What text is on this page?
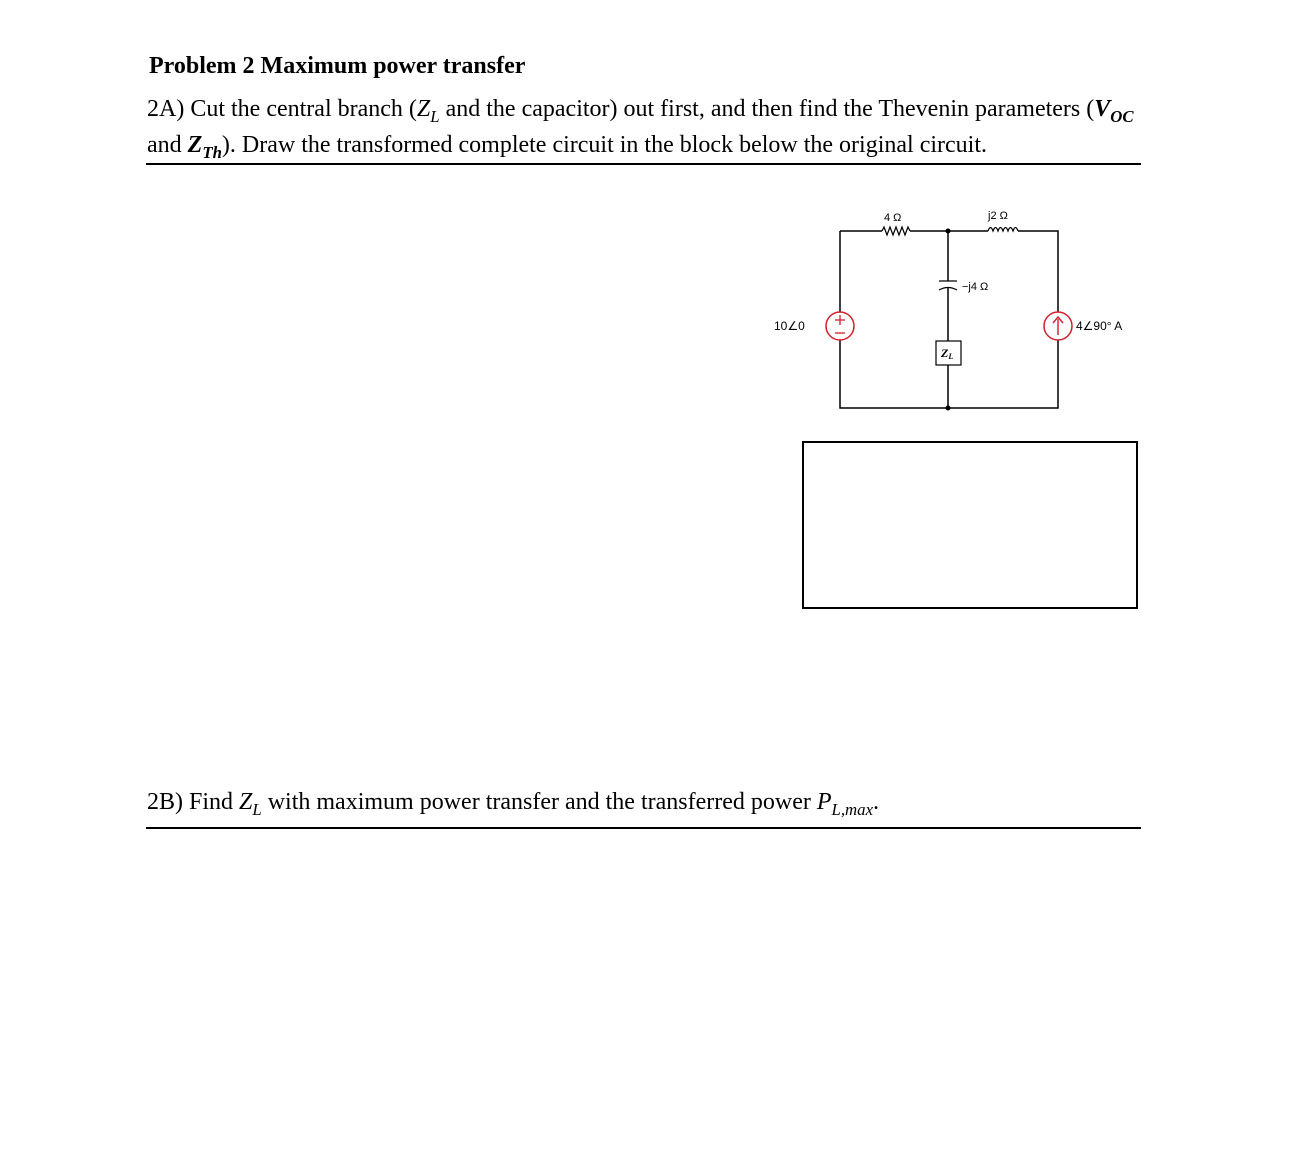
Problem 2 Maximum power transfer
2A) Cut the central branch ($Z_L$ and the capacitor) out first, and then find the Thevenin parameters ($V_{OC}$ and $Z_{Th}$). Draw the transformed complete circuit in the block below the original circuit.
4 Ω	j2 Ω
−j4 Ω
ZL
10∠0	4∠90° A
2B) Find $Z_L$ with maximum power transfer and the transferred power $P_{L,max}$.
